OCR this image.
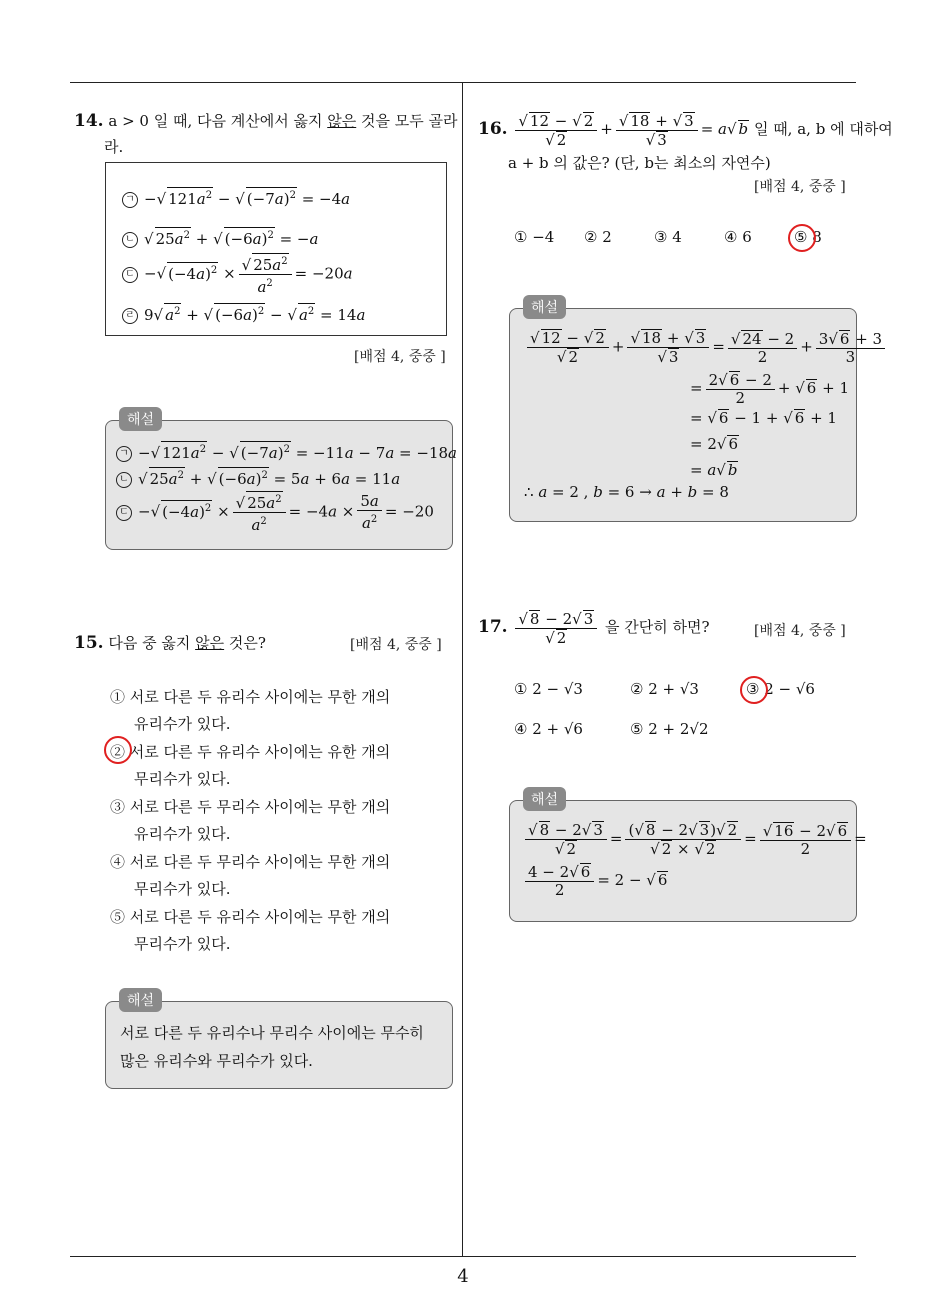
14. a > 0 일 때, 다음 계산에서 옳지 않은 것을 모두 골라
라.
ㄱ −√ $121a^2$ − √ $(-7a)^2 = -4a$
ㄴ √ $25a^2$ + √ $(-6a)^2 = -a$
ㄷ −√ $(-4a)^2 \times \frac{√ 25a^2}{a^2} = -20a$
ㄹ 9√ $a^2$ + √ $(-6a)^2$ − √ $a^2 = 14a$
[배점 4, 중중 ]
ㄱ −√ $121a^2$ − √ $(-7a)^2 = -11a - 7a = -18a$
ㄴ √ $25a^2$ + √ $(-6a)^2 = 5a + 6a = 11a$
ㄷ −√ $(-4a)^2 \times \frac{√ 25a^2}{a^2} = -4a \times \frac{5a}{a^2} = -20$
해설
15. 다음 중 옳지 않은 것은?	[배점 4, 중중 ]
① 서로 다른 두 유리수 사이에는 무한 개의
유리수가 있다.
② 서로 다른 두 유리수 사이에는 유한 개의
무리수가 있다.
③ 서로 다른 두 무리수 사이에는 무한 개의
유리수가 있다.
④ 서로 다른 두 무리수 사이에는 무한 개의
무리수가 있다.
⑤ 서로 다른 두 유리수 사이에는 무한 개의
무리수가 있다.
서로 다른 두 유리수나 무리수 사이에는 무수히
많은 유리수와 무리수가 있다.
해설
16. $\frac{√ 12 - √ 2}{√ 2} + \frac{√ 18 + √ 3}{√ 3} = a√$ b 일 때, a, b 에 대하여
a + b 의 값은? (단, b는 최소의 자연수)
[배점 4, 중중 ]
① −4 ② 2	③ 4	④ 6	⑤ 8
$\frac{√ 12 - √ 2}{√ 2} + \frac{√ 18 + √ 3}{√ 3} = \frac{√ 24 - 2}{2} + \frac{3√ 6 + 3}{3}$
= $\frac{2√ 6 - 2}{2}$ + √ 6 + 1
= √ 6 − 1 + √ 6 + 1
= 2√ 6
= a√ b
∴ a = 2 , b = 6 → a + b = 8
해설
17. $\frac{√ 8 - 2√ 3}{√ 2}$ 을 간단히 하면?	[배점 4, 중중 ]
① 2 − √3	② 2 + √3	③ 2 − √6
④ 2 + √6	⑤ 2 + 2√2
$\frac{√ 8 - 2√ 3}{√ 2} = \frac{(√ 8 - 2√ 3)√ 2}{√ 2 \times √ 2} = \frac{√ 16 - 2√ 6}{2}$ =
$\frac{4 - 2√ 6}{2} = 2$ − √ 6
해설
4
